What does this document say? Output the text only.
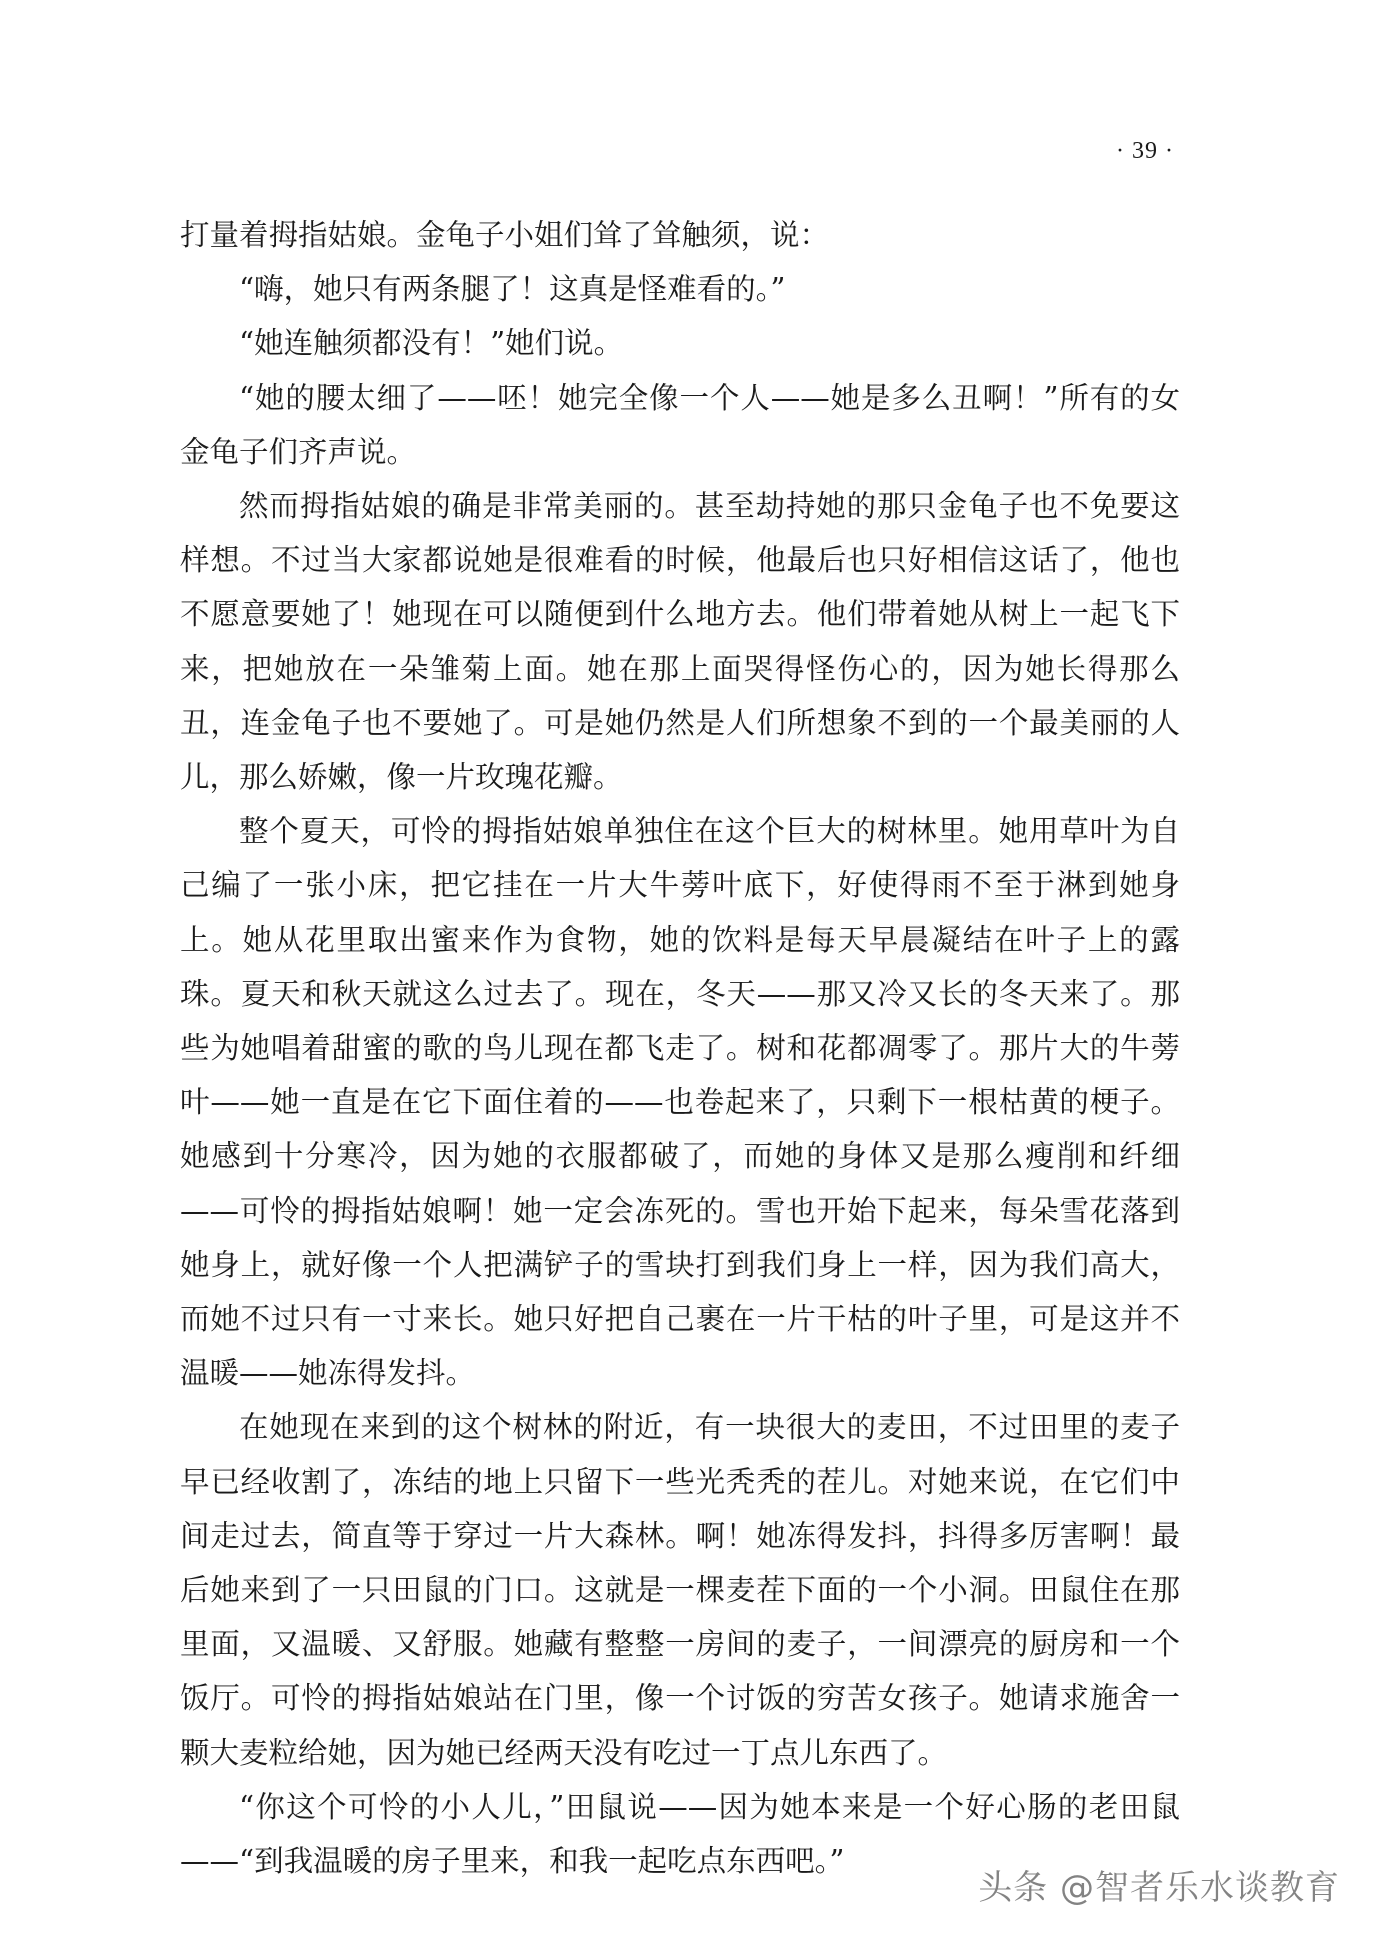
· 39 ·

打量着拇指姑娘。金龟子小姐们耸了耸触须，说：

“嗨，她只有两条腿了！这真是怪难看的。”

“她连触须都没有！”她们说。

“她的腰太细了——呸！她完全像一个人——她是多么丑啊！”所有的女金龟子们齐声说。

然而拇指姑娘的确是非常美丽的。甚至劫持她的那只金龟子也不免要这样想。不过当大家都说她是很难看的时候，他最后也只好相信这话了，他也不愿意要她了！她现在可以随便到什么地方去。他们带着她从树上一起飞下来，把她放在一朵雏菊上面。她在那上面哭得怪伤心的，因为她长得那么丑，连金龟子也不要她了。可是她仍然是人们所想象不到的一个最美丽的人儿，那么娇嫩，像一片玫瑰花瓣。

整个夏天，可怜的拇指姑娘单独住在这个巨大的树林里。她用草叶为自己编了一张小床，把它挂在一片大牛蒡叶底下，好使得雨不至于淋到她身上。她从花里取出蜜来作为食物，她的饮料是每天早晨凝结在叶子上的露珠。夏天和秋天就这么过去了。现在，冬天——那又冷又长的冬天来了。那些为她唱着甜蜜的歌的鸟儿现在都飞走了。树和花都凋零了。那片大的牛蒡叶——她一直是在它下面住着的——也卷起来了，只剩下一根枯黄的梗子。她感到十分寒冷，因为她的衣服都破了，而她的身体又是那么瘦削和纤细——可怜的拇指姑娘啊！她一定会冻死的。雪也开始下起来，每朵雪花落到她身上，就好像一个人把满铲子的雪块打到我们身上一样，因为我们高大，而她不过只有一寸来长。她只好把自己裹在一片干枯的叶子里，可是这并不温暖——她冻得发抖。

在她现在来到的这个树林的附近，有一块很大的麦田，不过田里的麦子早已经收割了，冻结的地上只留下一些光秃秃的茬儿。对她来说，在它们中间走过去，简直等于穿过一片大森林。啊！她冻得发抖，抖得多厉害啊！最后她来到了一只田鼠的门口。这就是一棵麦茬下面的一个小洞。田鼠住在那里面，又温暖、又舒服。她藏有整整一房间的麦子，一间漂亮的厨房和一个饭厅。可怜的拇指姑娘站在门里，像一个讨饭的穷苦女孩子。她请求施舍一颗大麦粒给她，因为她已经两天没有吃过一丁点儿东西了。

“你这个可怜的小人儿，”田鼠说——因为她本来是一个好心肠的老田鼠——“到我温暖的房子里来，和我一起吃点东西吧。”

头条 @智者乐水谈教育
